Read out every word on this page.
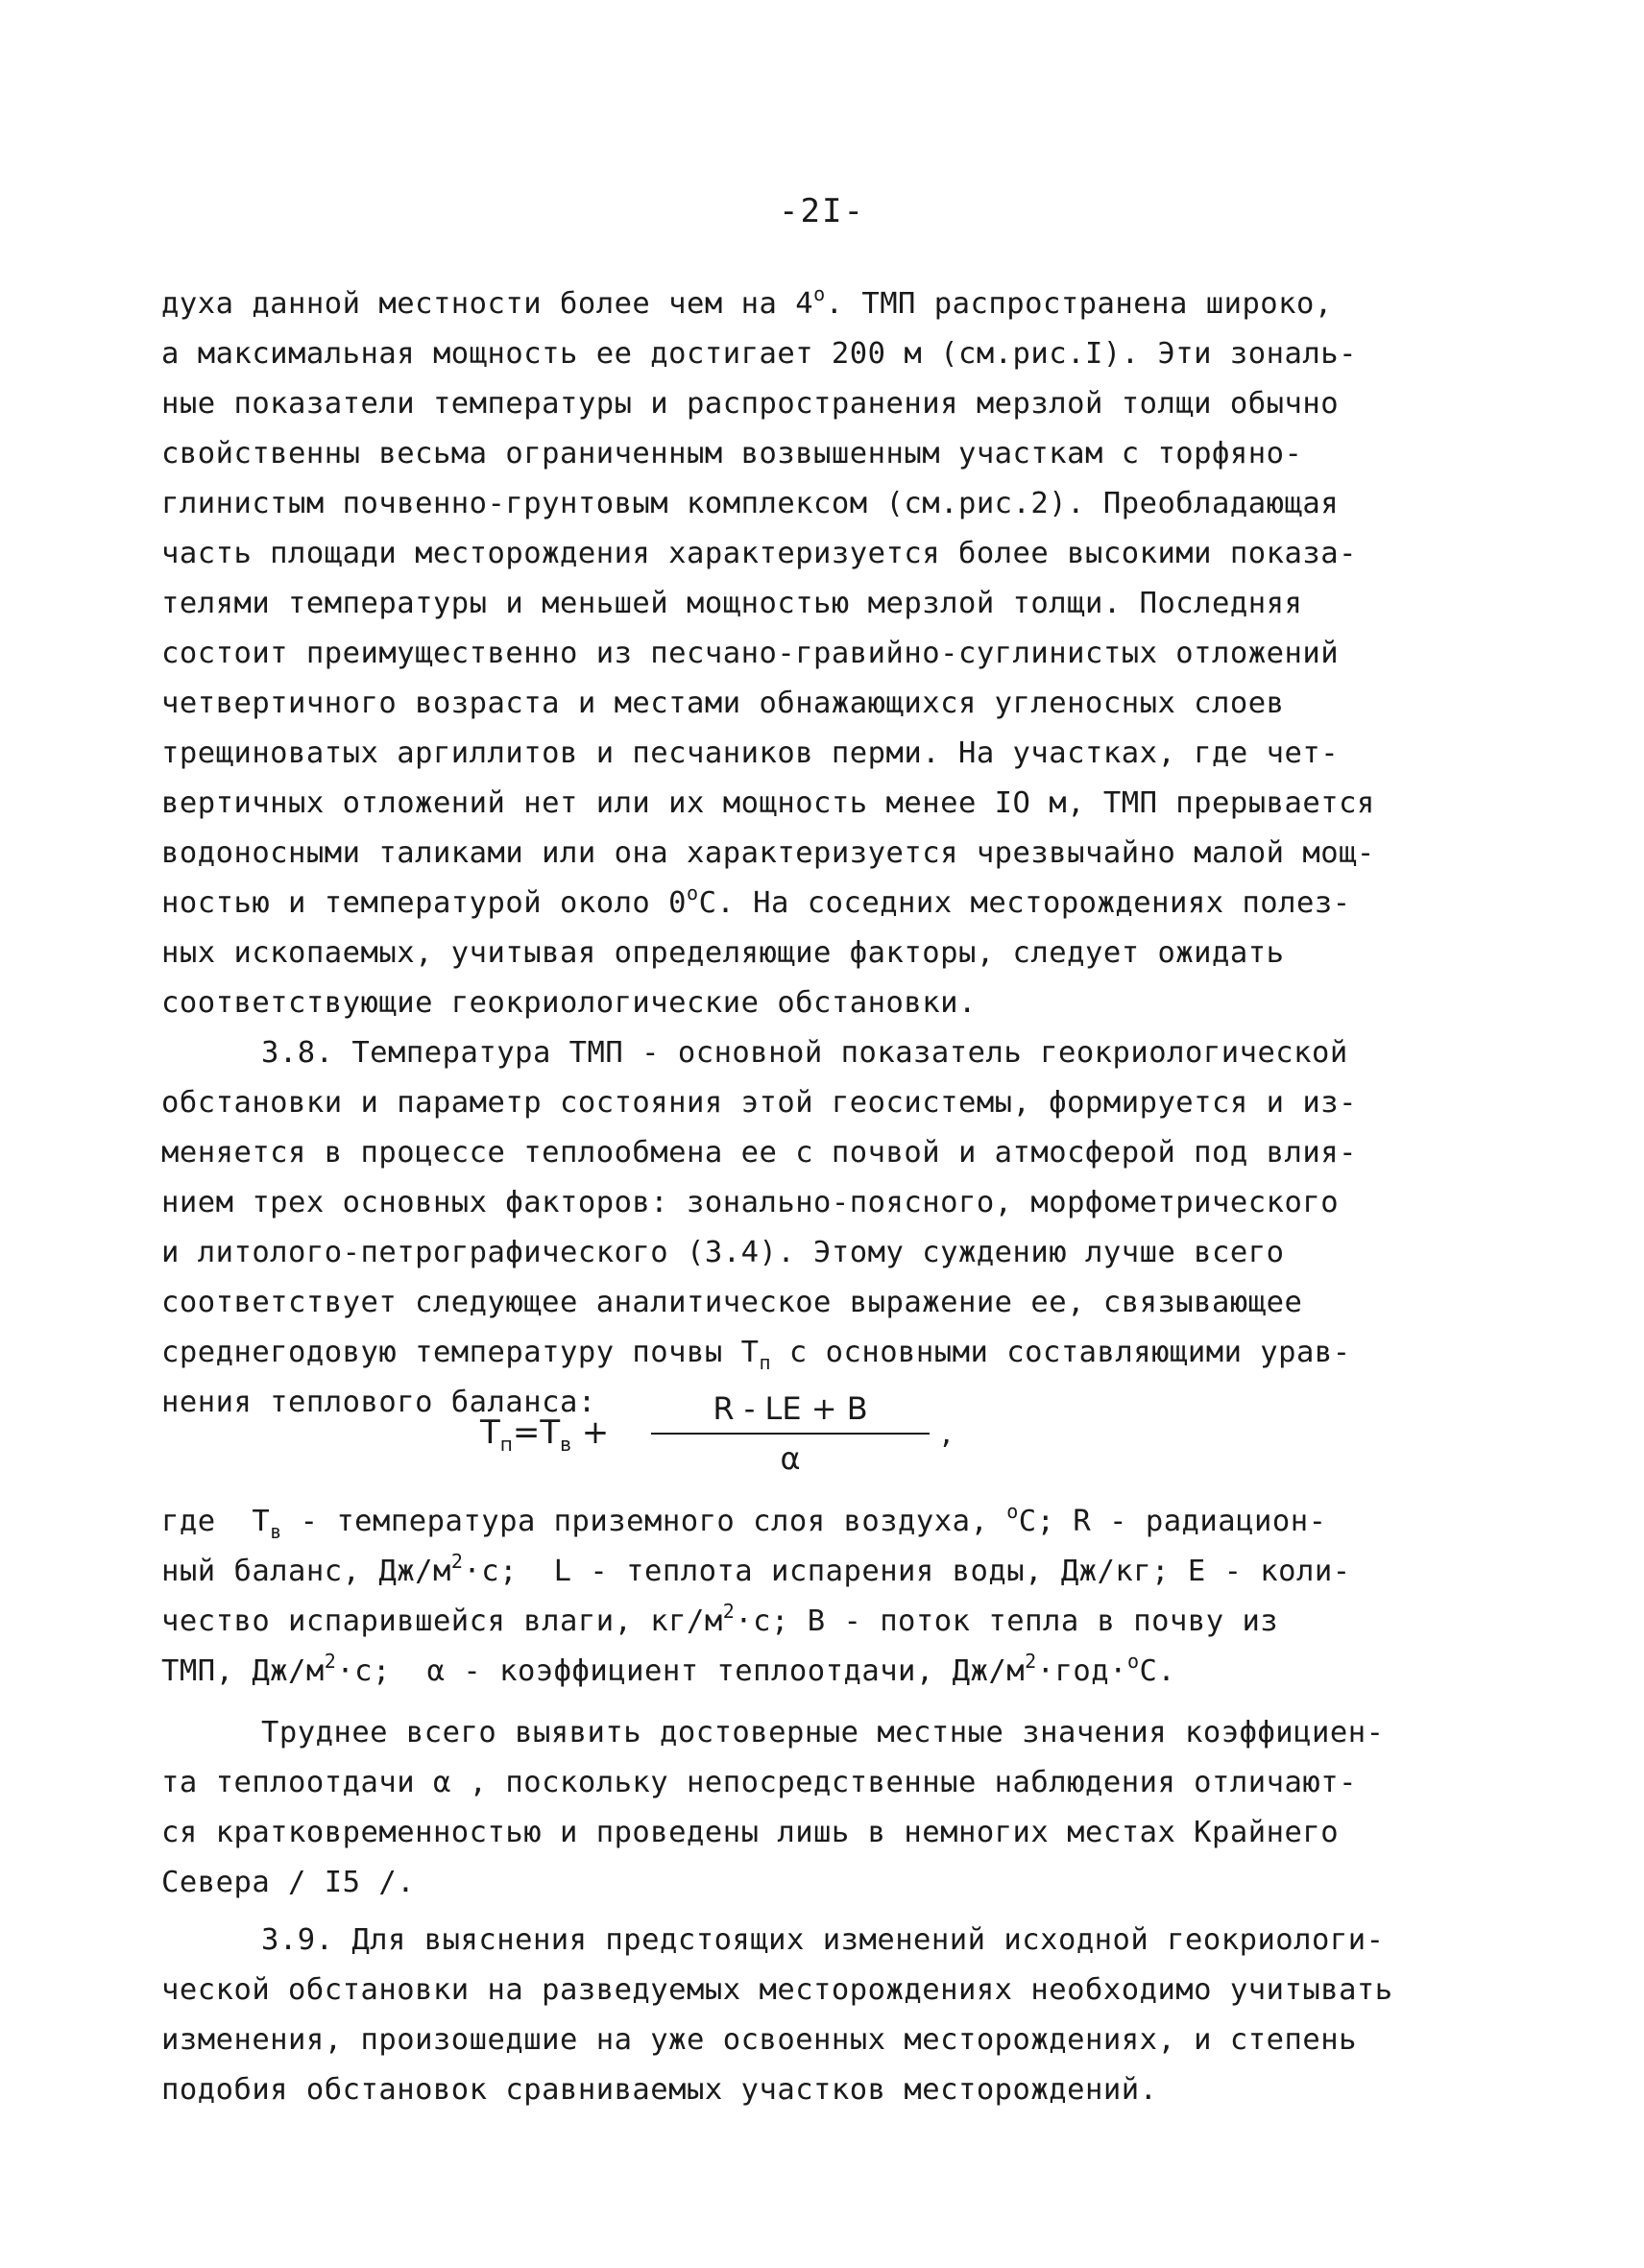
-2I-
духа данной местности более чем на $4^о$. ТМП распространена широко,
а максимальная мощность ее достигает 200 м (см.рис.I). Эти зональ-
ные показатели температуры и распространения мерзлой толщи обычно
свойственны весьма ограниченным возвышенным участкам с торфяно-
глинистым почвенно-грунтовым комплексом (см.рис.2). Преобладающая
часть площади месторождения характеризуется более высокими показа-
телями температуры и меньшей мощностью мерзлой толщи. Последняя
состоит преимущественно из песчано-гравийно-суглинистых отложений
четвертичного возраста и местами обнажающихся угленосных слоев
трещиноватых аргиллитов и песчаников перми. На участках, где чет-
вертичных отложений нет или их мощность менее IO м, ТМП прерывается
водоносными таликами или она характеризуется чрезвычайно малой мощ-
ностью и температурой около $0^оС$. На соседних месторождениях полез-
ных ископаемых, учитывая определяющие факторы, следует ожидать
соответствующие геокриологические обстановки.
3.8. Температура ТМП - основной показатель геокриологической
обстановки и параметр состояния этой геосистемы, формируется и из-
меняется в процессе теплообмена ее с почвой и атмосферой под влия-
нием трех основных факторов: зонально-поясного, морфометрического
и литолого-петрографического (3.4). Этому суждению лучше всего
соответствует следующее аналитическое выражение ее, связывающее
среднегодовую температуру почвы $T_п$ с основными составляющими урав-
нения теплового баланса:
$T_п=T_в$ +
R - LE + B
α
,
где  $T_в$ - температура приземного слоя воздуха, $^о$С; R - радиацион-
ный баланс, $Дж/м^2\cdot с$;  L - теплота испарения воды, Дж/кг; E - коли-
чество испарившейся влаги, $кг/м^2\cdot с$; B - поток тепла в почву из
ТМП, $Дж/м^2\cdot с$;  α - коэффициент теплоотдачи, $Дж/м^2\cdot год\cdot^оС$.
Труднее всего выявить достоверные местные значения коэффициен-
та теплоотдачи α , поскольку непосредственные наблюдения отличают-
ся кратковременностью и проведены лишь в немногих местах Крайнего
Севера / I5 /.
3.9. Для выяснения предстоящих изменений исходной геокриологи-
ческой обстановки на разведуемых месторождениях необходимо учитывать
изменения, произошедшие на уже освоенных месторождениях, и степень
подобия обстановок сравниваемых участков месторождений.
